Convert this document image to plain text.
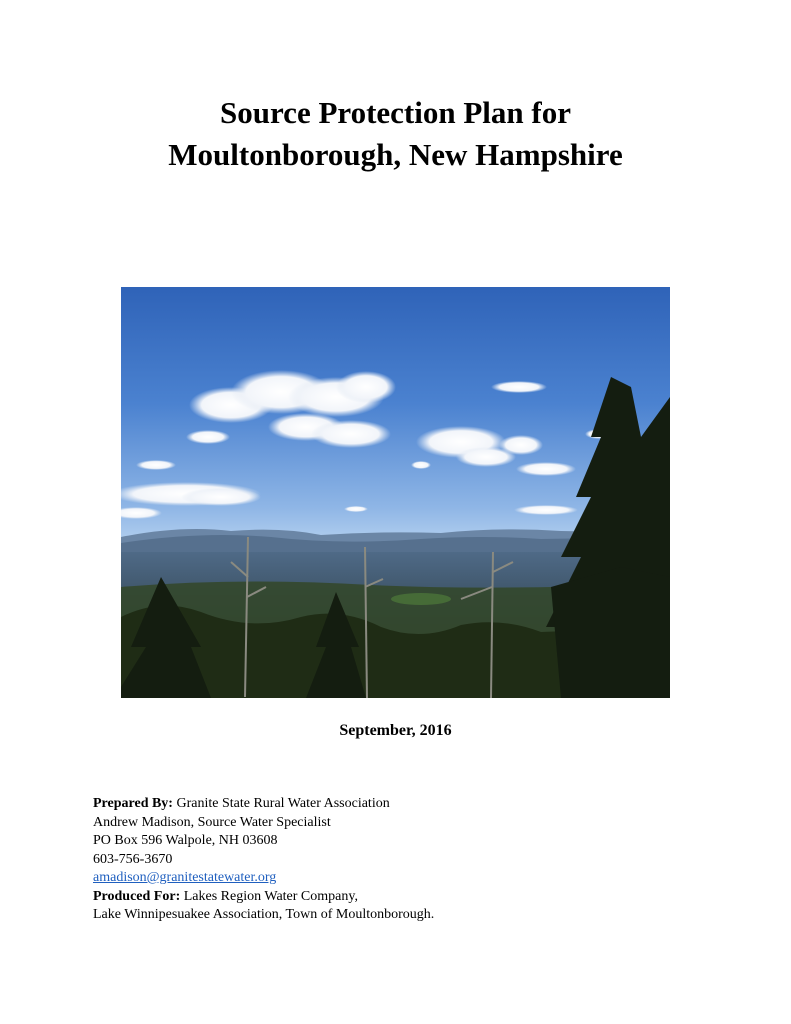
Source Protection Plan for
Moultonborough, New Hampshire
September, 2016
Prepared By: Granite State Rural Water Association
Andrew Madison, Source Water Specialist
PO Box 596 Walpole, NH 03608
603-756-3670
amadison@granitestatewater.org
Produced For: Lakes Region Water Company,
Lake Winnipesuakee Association, Town of Moultonborough.
